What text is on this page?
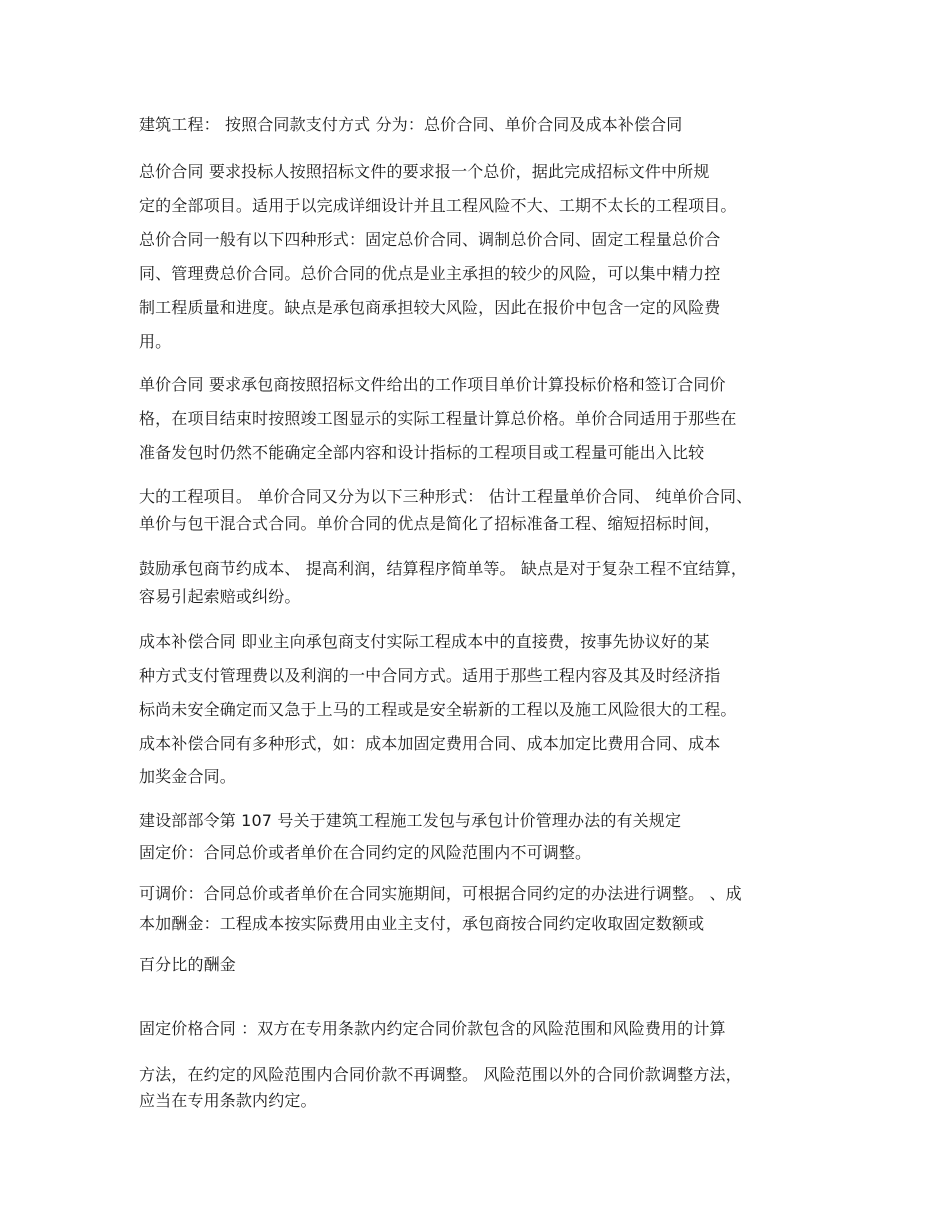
建筑工程： 按照合同款支付方式 分为：总价合同、单价合同及成本补偿合同
总价合同 要求投标人按照招标文件的要求报一个总价，据此完成招标文件中所规
定的全部项目。适用于以完成详细设计并且工程风险不大、工期不太长的工程项目。
总价合同一般有以下四种形式：固定总价合同、调制总价合同、固定工程量总价合
同、管理费总价合同。总价合同的优点是业主承担的较少的风险，可以集中精力控
制工程质量和进度。缺点是承包商承担较大风险，因此在报价中包含一定的风险费
用。
单价合同 要求承包商按照招标文件给出的工作项目单价计算投标价格和签订合同价
格，在项目结束时按照竣工图显示的实际工程量计算总价格。单价合同适用于那些在
准备发包时仍然不能确定全部内容和设计指标的工程项目或工程量可能出入比较
大的工程项目。 单价合同又分为以下三种形式： 估计工程量单价合同、 纯单价合同、
单价与包干混合式合同。单价合同的优点是简化了招标准备工程、缩短招标时间，
鼓励承包商节约成本、 提高利润，结算程序简单等。 缺点是对于复杂工程不宜结算，
容易引起索赔或纠纷。
成本补偿合同 即业主向承包商支付实际工程成本中的直接费，按事先协议好的某
种方式支付管理费以及利润的一中合同方式。适用于那些工程内容及其及时经济指
标尚未安全确定而又急于上马的工程或是安全崭新的工程以及施工风险很大的工程。
成本补偿合同有多种形式，如：成本加固定费用合同、成本加定比费用合同、成本
加奖金合同。
建设部部令第 107 号关于建筑工程施工发包与承包计价管理办法的有关规定
固定价：合同总价或者单价在合同约定的风险范围内不可调整。
可调价：合同总价或者单价在合同实施期间，可根据合同约定的办法进行调整。 、成
本加酬金：工程成本按实际费用由业主支付，承包商按合同约定收取固定数额或
百分比的酬金
固定价格合同 ：双方在专用条款内约定合同价款包含的风险范围和风险费用的计算
方法，在约定的风险范围内合同价款不再调整。 风险范围以外的合同价款调整方法，
应当在专用条款内约定。
